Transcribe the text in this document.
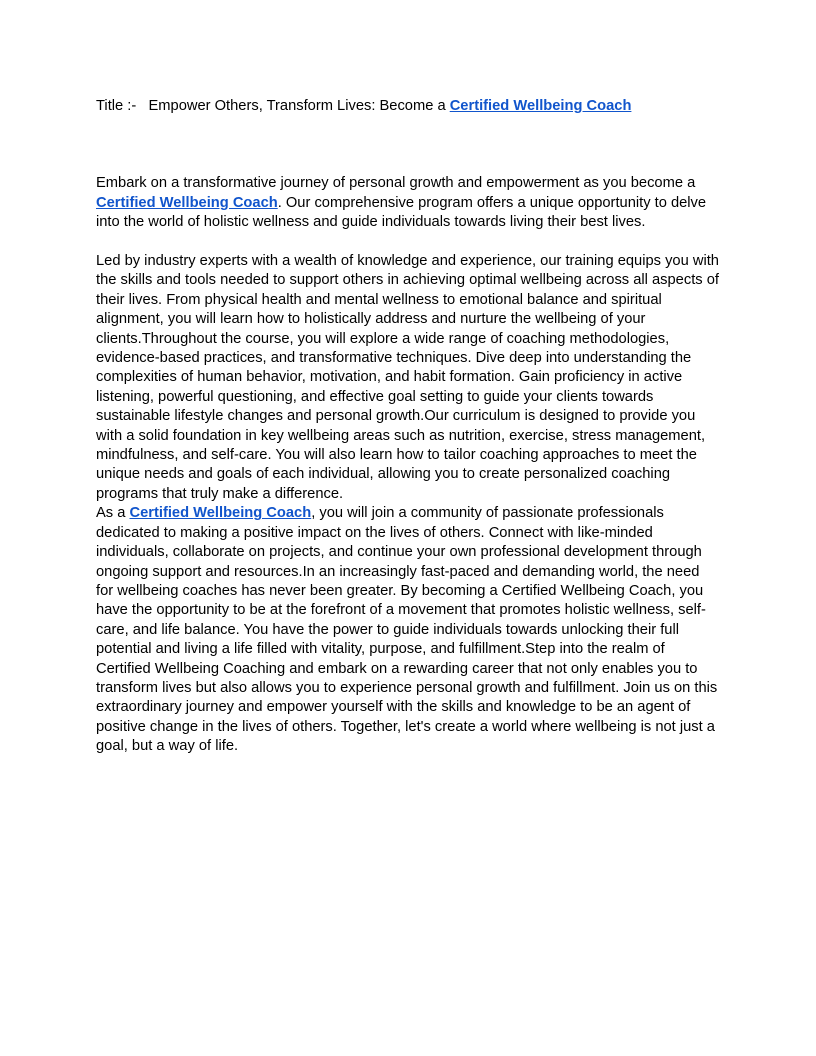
Title :-   Empower Others, Transform Lives: Become a Certified Wellbeing Coach

Embark on a transformative journey of personal growth and empowerment as you become a Certified Wellbeing Coach. Our comprehensive program offers a unique opportunity to delve into the world of holistic wellness and guide individuals towards living their best lives.

Led by industry experts with a wealth of knowledge and experience, our training equips you with the skills and tools needed to support others in achieving optimal wellbeing across all aspects of their lives. From physical health and mental wellness to emotional balance and spiritual alignment, you will learn how to holistically address and nurture the wellbeing of your clients.Throughout the course, you will explore a wide range of coaching methodologies, evidence-based practices, and transformative techniques. Dive deep into understanding the complexities of human behavior, motivation, and habit formation. Gain proficiency in active listening, powerful questioning, and effective goal setting to guide your clients towards sustainable lifestyle changes and personal growth.Our curriculum is designed to provide you with a solid foundation in key wellbeing areas such as nutrition, exercise, stress management, mindfulness, and self-care. You will also learn how to tailor coaching approaches to meet the unique needs and goals of each individual, allowing you to create personalized coaching programs that truly make a difference.

As a Certified Wellbeing Coach, you will join a community of passionate professionals dedicated to making a positive impact on the lives of others. Connect with like-minded individuals, collaborate on projects, and continue your own professional development through ongoing support and resources.In an increasingly fast-paced and demanding world, the need for wellbeing coaches has never been greater. By becoming a Certified Wellbeing Coach, you have the opportunity to be at the forefront of a movement that promotes holistic wellness, self-care, and life balance. You have the power to guide individuals towards unlocking their full potential and living a life filled with vitality, purpose, and fulfillment.Step into the realm of Certified Wellbeing Coaching and embark on a rewarding career that not only enables you to transform lives but also allows you to experience personal growth and fulfillment. Join us on this extraordinary journey and empower yourself with the skills and knowledge to be an agent of positive change in the lives of others. Together, let's create a world where wellbeing is not just a goal, but a way of life.
